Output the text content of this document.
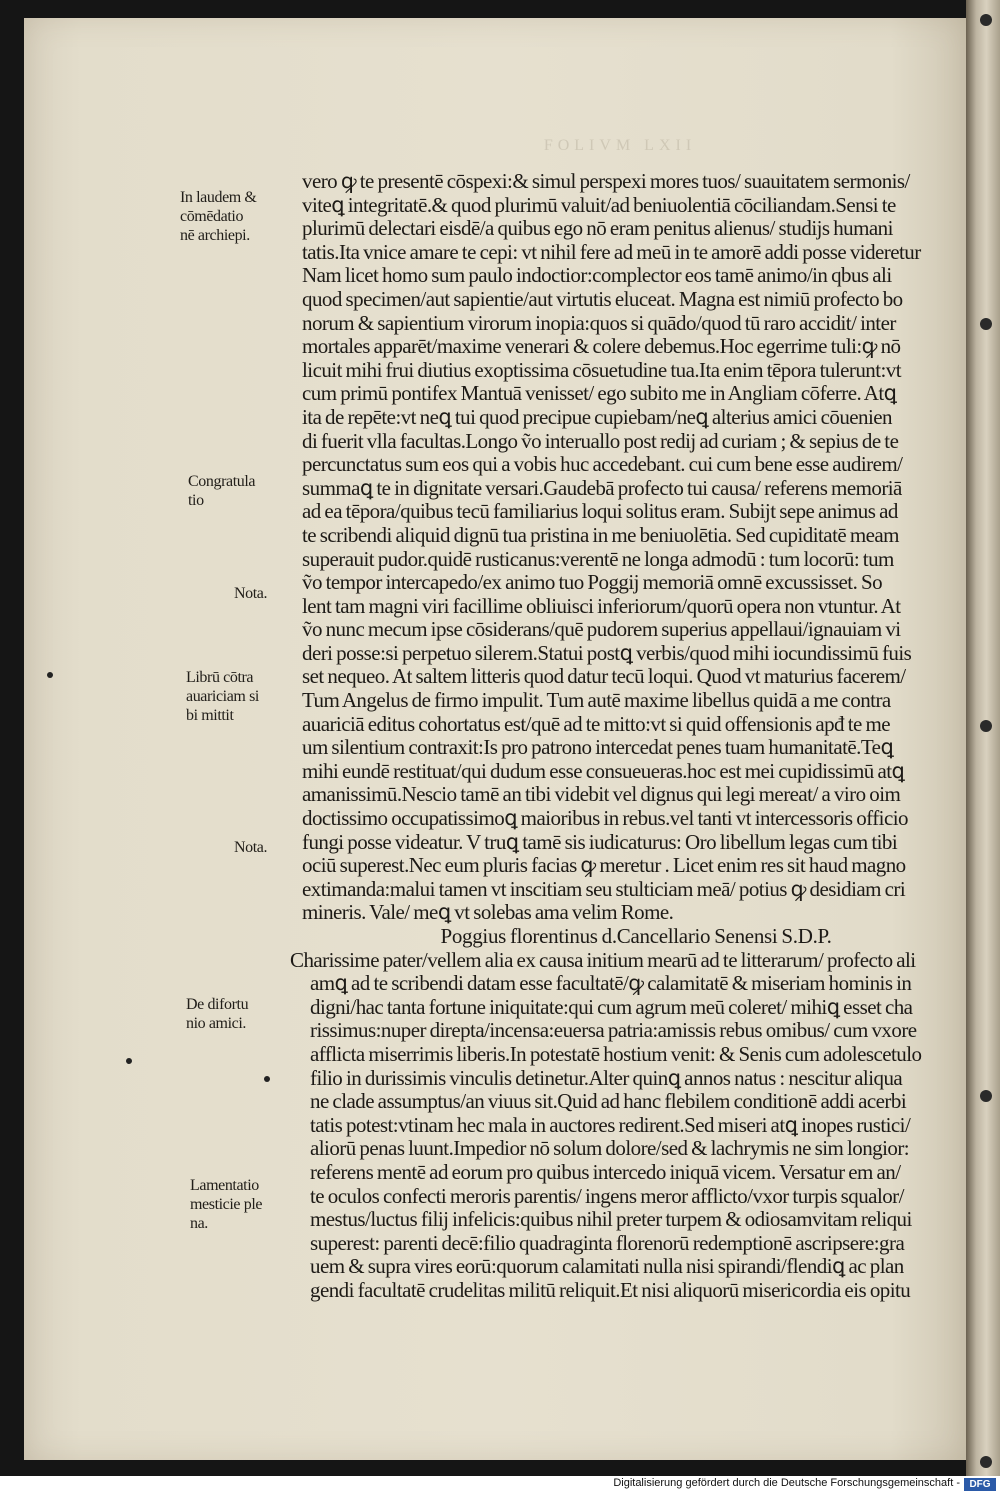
FOLIVM LXII
In laudem &
cōmēdatio
nē archiepi.
Congratula
tio
Nota.
Librū cōtra
auariciam si
bi mittit
Nota.
De difortu
nio amici.
Lamentatio
mesticie ple
na.
vero ꝙ te presentē cōspexi:& simul perspexi mores tuos/ suauitatem sermonis/
viteꝗ integritatē.& quod plurimū valuit/ad beniuolentiā cōciliandam.Sensi te
plurimū delectari eisdē/a quibus ego nō eram penitus alienus/ studijs humani
tatis.Ita vnice amare te cepi: vt nihil fere ad meū in te amorē addi posse videretur
Nam licet homo sum paulo indoctior:complector eos tamē animo/in qbus ali
quod specimen/aut sapientie/aut virtutis eluceat. Magna est nimiū profecto bo
norum & sapientium virorum inopia:quos si quādo/quod tū raro accidit/ inter
mortales apparēt/maxime venerari & colere debemus.Hoc egerrime tuli:ꝙ nō
licuit mihi frui diutius exoptissima cōsuetudine tua.Ita enim tēpora tulerunt:vt
cum primū pontifex Mantuā venisset/ ego subito me in Angliam cōferre. Atꝗ
ita de repēte:vt neꝗ tui quod precipue cupiebam/neꝗ alterius amici cōuenien
di fuerit vlla facultas.Longo ṽo interuallo post redij ad curiam ; & sepius de te
percunctatus sum eos qui a vobis huc accedebant. cui cum bene esse audirem/
summaꝗ te in dignitate versari.Gaudebā profecto tui causa/ referens memoriā
ad ea tēpora/quibus tecū familiarius loqui solitus eram. Subijt sepe animus ad
te scribendi aliquid dignū tua pristina in me beniuolētia. Sed cupiditatē meam
superauit pudor.quidē rusticanus:verentē ne longa admodū : tum locorū: tum
ṽo tempor intercapedo/ex animo tuo Poggij memoriā omnē excussisset. So
lent tam magni viri facillime obliuisci inferiorum/quorū opera non vtuntur. At
ṽo nunc mecum ipse cōsiderans/quē pudorem superius appellaui/ignauiam vi
deri posse:si perpetuo silerem.Statui postꝗ verbis/quod mihi iocundissimū fuis
set nequeo. At saltem litteris quod datur tecū loqui. Quod vt maturius facerem/
Tum Angelus de firmo impulit. Tum autē maxime libellus quidā a me contra
auariciā editus cohortatus est/quē ad te mitto:vt si quid offensionis apđ te me
um silentium contraxit:Is pro patrono intercedat penes tuam humanitatē.Teꝗ
mihi eundē restituat/qui dudum esse consueueras.hoc est mei cupidissimū atꝗ
amanissimū.Nescio tamē an tibi videbit vel dignus qui legi mereat/ a viro oim
doctissimo occupatissimoꝗ maioribus in rebus.vel tanti vt intercessoris officio
fungi posse videatur. V truꝗ tamē sis iudicaturus: Oro libellum legas cum tibi
ociū superest.Nec eum pluris facias ꝙ meretur . Licet enim res sit haud magno
extimanda:malui tamen vt inscitiam seu stulticiam meā/ potius ꝙ desidiam cri
mineris. Vale/ meꝗ vt solebas ama velim Rome.
Poggius florentinus d.Cancellario Senensi S.D.P.
Charissime pater/vellem alia ex causa initium mearū ad te litterarum/ profecto ali
amꝗ ad te scribendi datam esse facultatē/ꝙ calamitatē & miseriam hominis in
digni/hac tanta fortune iniquitate:qui cum agrum meū coleret/ mihiꝗ esset cha
rissimus:nuper direpta/incensa:euersa patria:amissis rebus omibus/ cum vxore
afflicta miserrimis liberis.In potestatē hostium venit: & Senis cum adolescetulo
filio in durissimis vinculis detinetur.Alter quinꝗ annos natus : nescitur aliqua
ne clade assumptus/an viuus sit.Quid ad hanc flebilem conditionē addi acerbi
tatis potest:vtinam hec mala in auctores redirent.Sed miseri atꝗ inopes rustici/
aliorū penas luunt.Impedior nō solum dolore/sed & lachrymis ne sim longior:
referens mentē ad eorum pro quibus intercedo iniquā vicem. Versatur em an/
te oculos confecti meroris parentis/ ingens meror afflicto/vxor turpis squalor/
mestus/luctus filij infelicis:quibus nihil preter turpem & odiosamvitam reliqui
superest: parenti decē:filio quadraginta florenorū redemptionē ascripsere:gra
uem & supra vires eorū:quorum calamitati nulla nisi spirandi/flendiꝗ ac plan
gendi facultatē crudelitas militū reliquit.Et nisi aliquorū misericordia eis opitu
Digitalisierung gefördert durch die Deutsche Forschungsgemeinschaft - DFG
